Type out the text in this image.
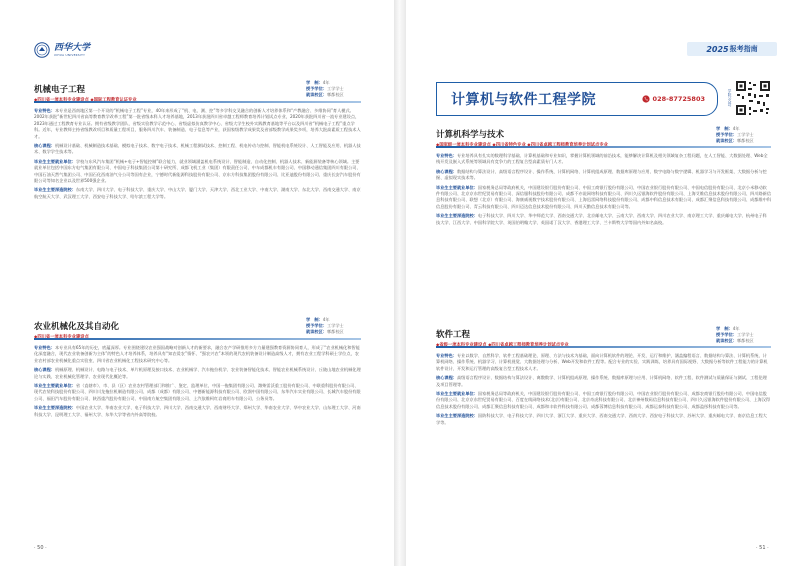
西华大学
XIHUA UNIVERSITY
机械电子工程
学　制：4年
授予学位：工学学士
就读校区：郫都校区

专业特色：本专业是西南地区第一个开设的“机械电子工程”专业，40年来形成了“机、电、测、控”等多学科交叉融合的创新人才培养体系和“产教融合、多维协同”育人模式。2002年获批“新世纪四川省高等教育教学改革工程”第一批省级本科人才培养基地，2013年获批四川省卓越工程师教育培养计划试点专业，2020年获批四川省一流专业建设点，2023年通过工程教育专业认证。拥有省级教学团队、省级实验教学示范中心、省级虚拟仿真教学中心、省级大学生校外实践教育基地等平台以及四川省“机械电子工程”重点学科。近年，专业教师主持省级教改项目和质量工程项目，服务四川汽车、装备制造、电子信息等产业，获国家级教学成果奖及省部级教学成果奖多项，培养大批高素质工程技术人才。

核心课程：机械设计基础、机械制造技术基础、模拟电子技术、数字电子技术、机械工程测试技术、控制工程、机电传动与控制、智能机电系统设计、人工智能及应用、机器人技术、数学学生技术等。

毕业生主要就业单位：学校与东风汽车集团“机械+电子+智能控制”联合能力，就业领域涵盖机电系统设计、智能制造、自动化控制、机器人技术、新能源装备等核心领域。主要就业单位包括中国东方电气集团有限公司、中国电子科技集团公司第十研究所、成都飞机工业（集团）有限责任公司、中车成都机车有限公司、中国移动通信集团四川有限公司、中国石油天然气集团公司、中国石化西南油气分公司等国有企业，宁德时代新能源科技股份有限公司、京东方科技集团股份有限公司、比亚迪股份有限公司、重庆长安汽车股份有限公司等知名企业以及世界500强企业。

毕业生主要深造院校：东南大学、四川大学、电子科技大学、重庆大学、中山大学、厦门大学、天津大学、西北工业大学、中南大学、湖南大学、东北大学、西南交通大学、南京航空航天大学、武汉理工大学、西安电子科技大学、哈尔滨工程大学等。

农业机械化及其自动化
学　制：4年
授予学位：工学学士
就读校区：郫都校区

专业特色：本专业具有65年的历史，底蕴深厚。专业围绕建设农业强国战略对创新人才的新要求，融合农产学研推用多方力量建强教育资源协同育人，形成了“农业机械化和智能化深度融合，现代农业装备创新为主体”的特色人才培养体系，培养具有“知农爱农”情怀、“强农兴农”本领的现代农机装备设计制造高级人才，拥有农业工程学科硕士学位点，农业农村部农业机械化重点实验室、四川省农业机械化工程技术研究中心等。

核心课程：机械原理、机械设计、电路与电子技术、单片机原理及接口技术、农业机械学、汽车拖拉机学、农业装备智能化技术、智能农业机械系统设计、丘陵山地农业机械化理论与实践、农业机械化管理学、农业现代化概论等。

毕业生主要就业单位：省（直辖市）、市、县（区）农业农村管理部门和推广、鉴定、监理单位，中国一拖集团有限公司、潍柴雷沃重工股份有限公司、中联重科股份有限公司、现代农装科技股份有限公司、四川川龙拖拉机制造有限公司、成都（成都）有限公司、中德新能源科技有限公司、欧润中国有限公司、东华汽车实业有限公司、长城汽车股份有限公司、福田汽车股份有限公司、陕西重汽股份有限公司、中国南方航空集团有限公司、上汽依维柯红岩商用车有限公司、公务员等。

毕业生主要深造院校：中国农业大学、华南农业大学、电子科技大学、四川大学、西南交通大学、西南财经大学、郑州大学、华南农业大学、华中农业大学、山东理工大学、河南科技大学、昆明理工大学、福州大学、东华大学等省内外高等院校。

· 50 ·
2025 报考指南
计算机与软件工程学院	028-87725803	学院公众号
计算机科学与技术
学　制：4年
授予学位：工学学士
就读校区：郫都校区

专业特色：专业培养具有扎实的数理科学基础、计算机基础和专业知识，掌握计算机领域的前沿技术，能够解决计算机及相关领域复杂工程问题，在人工智能、大数据处理、Web全栈开发及嵌入式系统等领域具有竞争力的工程复合型高素质专门人才。

核心课程：数据结构与算法设计、高级语言程序设计、操作系统、计算机网络、计算机组成原理、数据库原理与应用、数字电路与数字逻辑、机器学习与开发框架、大数据分析与挖掘、虚拟现实技术等。

毕业生主要就业单位：国家税务总局等政府机关，中国建设银行股份有限公司、中国工商银行股份有限公司、中国农业银行股份有限公司、中国电信股份有限公司、北京小米移动软件有限公司、北京京东世纪贸易有限公司、深信服科技股份有限公司、成都不亦说网络科技有限公司、四川久远银海软件股份有限公司、上海艾维信息技术股份有限公司、四川路新信息科技有限公司、联想（北京）有限公司、海康威视数字技术股份有限公司、上海迅雷网络科技股份有限公司、成都中科信息技术有限公司、成都汇聚信息科技有限公司、成都维中科信息股份有限公司、青云科技有限公司、四川迈达信息技术股份有限公司、四川天勤信息技术有限公司等。

毕业生主要深造院校：电子科技大学、四川大学、华中师范大学、西南交通大学、北京邮电大学、云南大学、西南大学、四川农业大学、南京理工大学、重庆邮电大学、杭州电子科技大学、江西大学、中国科学院大学、英国伯明翰大学、英国诺丁汉大学、香港理工大学、兰卡斯特大学等国内外知名高校。

软件工程
学　制：4年
授予学位：工学学士
就读校区：郫都校区

专业特色：专业以数学、自然科学、软件工程基础理论、原理、方法与技术为基础，面向计算机软件的理论、开发、运行和维护，涵盖编程语言、数据结构与算法、计算机系统、计算机网络、操作系统、机器学习、计算机视觉、大数据处理与分析、Web开发和软件工程等。配合专业的实验、实践训练，培养具有国际视野、大数据分析等软件工程能力的计算机软件设计、开发和运行管理的高级复合型工程技术人才。

核心课程：高级语言程序设计、数据结构与算法设计、离散数学、计算机组成原理、操作系统、数据库原理与应用、计算机网络、软件工程、软件测试与质量保证与测试、工程伦理及项目管理等。

毕业生主要就业单位：国家税务总局等政府机关，中国建设银行股份有限公司、中国工商银行股份有限公司、中国农业银行股份有限公司、成都农商银行股份有限公司、中国电信股份有限公司、北京京东世纪贸易有限公司、百度在线网络技术(北京)有限公司、北京奇虎科技有限公司、北京神州数码信息科技有限公司、四川久远银海软件股份有限公司、上海汉得信息技术股份有限公司、成都汇聚信息科技有限公司、成都和丰软件科技有限公司、成都蓉博信息科技有限公司、成都运泰科技有限公司、成都盈彤科技有限公司等。

毕业生主要深造院校：国防科技大学、电子科技大学、四川大学、浙江大学、重庆大学、西南交通大学、西南大学、西安电子科技大学、苏州大学、重庆邮电大学、南京信息工程大学等。

· 51 ·
